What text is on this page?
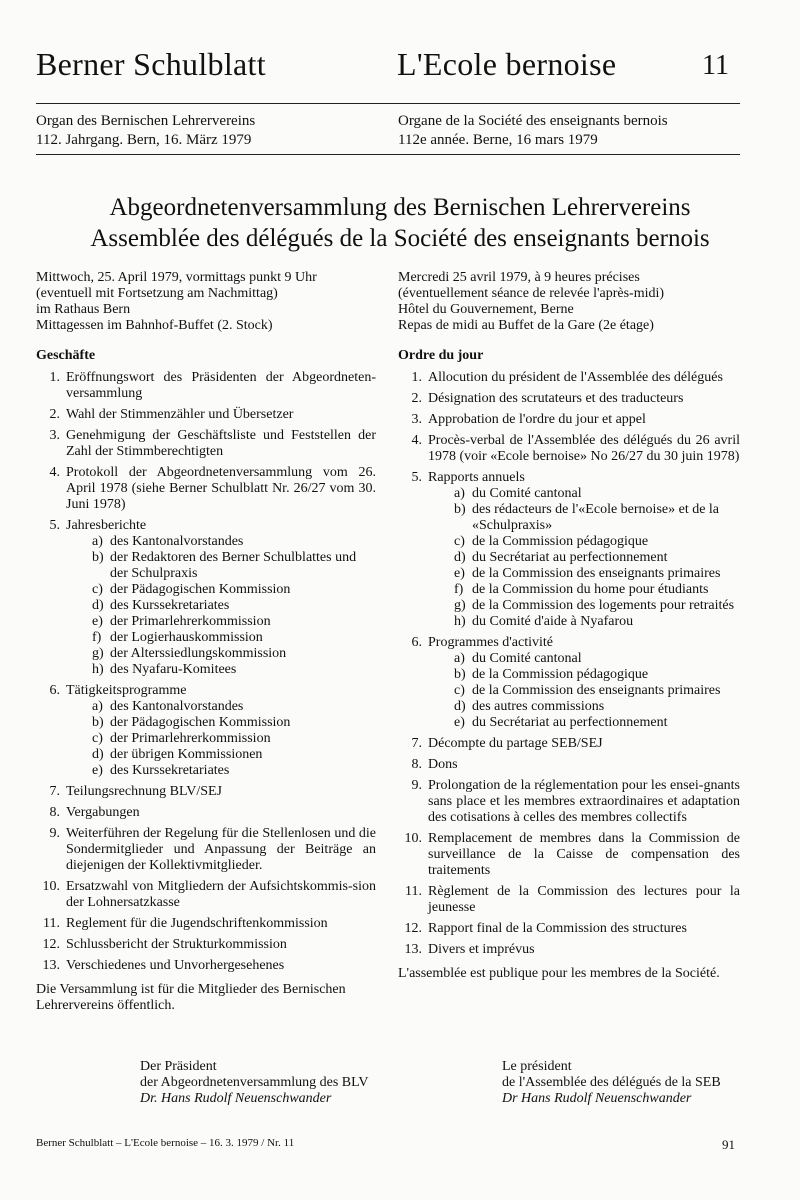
Berner Schulblatt	L'Ecole bernoise	11
Organ des Bernischen Lehrervereins
112. Jahrgang. Bern, 16. März 1979
Organe de la Société des enseignants bernois
112e année. Berne, 16 mars 1979
Abgeordnetenversammlung des Bernischen Lehrervereins
Assemblée des délégués de la Société des enseignants bernois
Mittwoch, 25. April 1979, vormittags punkt 9 Uhr
(eventuell mit Fortsetzung am Nachmittag)
im Rathaus Bern
Mittagessen im Bahnhof-Buffet (2. Stock)
Geschäfte
1. Eröffnungswort des Präsidenten der Abgeordneten-versammlung
2. Wahl der Stimmenzähler und Übersetzer
3. Genehmigung der Geschäftsliste und Feststellen der Zahl der Stimmberechtigten
4. Protokoll der Abgeordnetenversammlung vom 26. April 1978 (siehe Berner Schulblatt Nr. 26/27 vom 30. Juni 1978)
5. Jahresberichte
a) des Kantonalvorstandes
b) der Redaktoren des Berner Schulblattes und der Schulpraxis
c) der Pädagogischen Kommission
d) des Kurssekretariates
e) der Primarlehrerkommission
f) der Logierhauskommission
g) der Alterssiedlungskommission
h) des Nyafaru-Komitees
6. Tätigkeitsprogramme
a) des Kantonalvorstandes
b) der Pädagogischen Kommission
c) der Primarlehrerkommission
d) der übrigen Kommissionen
e) des Kurssekretariates
7. Teilungsrechnung BLV/SEJ
8. Vergabungen
9. Weiterführen der Regelung für die Stellenlosen und die Sondermitglieder und Anpassung der Beiträge an diejenigen der Kollektivmitglieder.
10. Ersatzwahl von Mitgliedern der Aufsichtskommis-sion der Lohnersatzkasse
11. Reglement für die Jugendschriftenkommission
12. Schlussbericht der Strukturkommission
13. Verschiedenes und Unvorhergesehenes
Die Versammlung ist für die Mitglieder des Bernischen Lehrervereins öffentlich.
Mercredi 25 avril 1979, à 9 heures précises
(éventuellement séance de relevée l'après-midi)
Hôtel du Gouvernement, Berne
Repas de midi au Buffet de la Gare (2e étage)
Ordre du jour
1. Allocution du président de l'Assemblée des délégués
2. Désignation des scrutateurs et des traducteurs
3. Approbation de l'ordre du jour et appel
4. Procès-verbal de l'Assemblée des délégués du 26 avril 1978 (voir «Ecole bernoise» No 26/27 du 30 juin 1978)
5. Rapports annuels
a) du Comité cantonal
b) des rédacteurs de l'«Ecole bernoise» et de la «Schulpraxis»
c) de la Commission pédagogique
d) du Secrétariat au perfectionnement
e) de la Commission des enseignants primaires
f) de la Commission du home pour étudiants
g) de la Commission des logements pour retraités
h) du Comité d'aide à Nyafarou
6. Programmes d'activité
a) du Comité cantonal
b) de la Commission pédagogique
c) de la Commission des enseignants primaires
d) des autres commissions
e) du Secrétariat au perfectionnement
7. Décompte du partage SEB/SEJ
8. Dons
9. Prolongation de la réglementation pour les ensei-gnants sans place et les membres extraordinaires et adaptation des cotisations à celles des membres collectifs
10. Remplacement de membres dans la Commission de surveillance de la Caisse de compensation des traitements
11. Règlement de la Commission des lectures pour la jeunesse
12. Rapport final de la Commission des structures
13. Divers et imprévus
L'assemblée est publique pour les membres de la Société.
Der Präsident
der Abgeordnetenversammlung des BLV
Dr. Hans Rudolf Neuenschwander
Le président
de l'Assemblée des délégués de la SEB
Dr Hans Rudolf Neuenschwander
Berner Schulblatt – L'Ecole bernoise – 16. 3. 1979 / Nr. 11	91
